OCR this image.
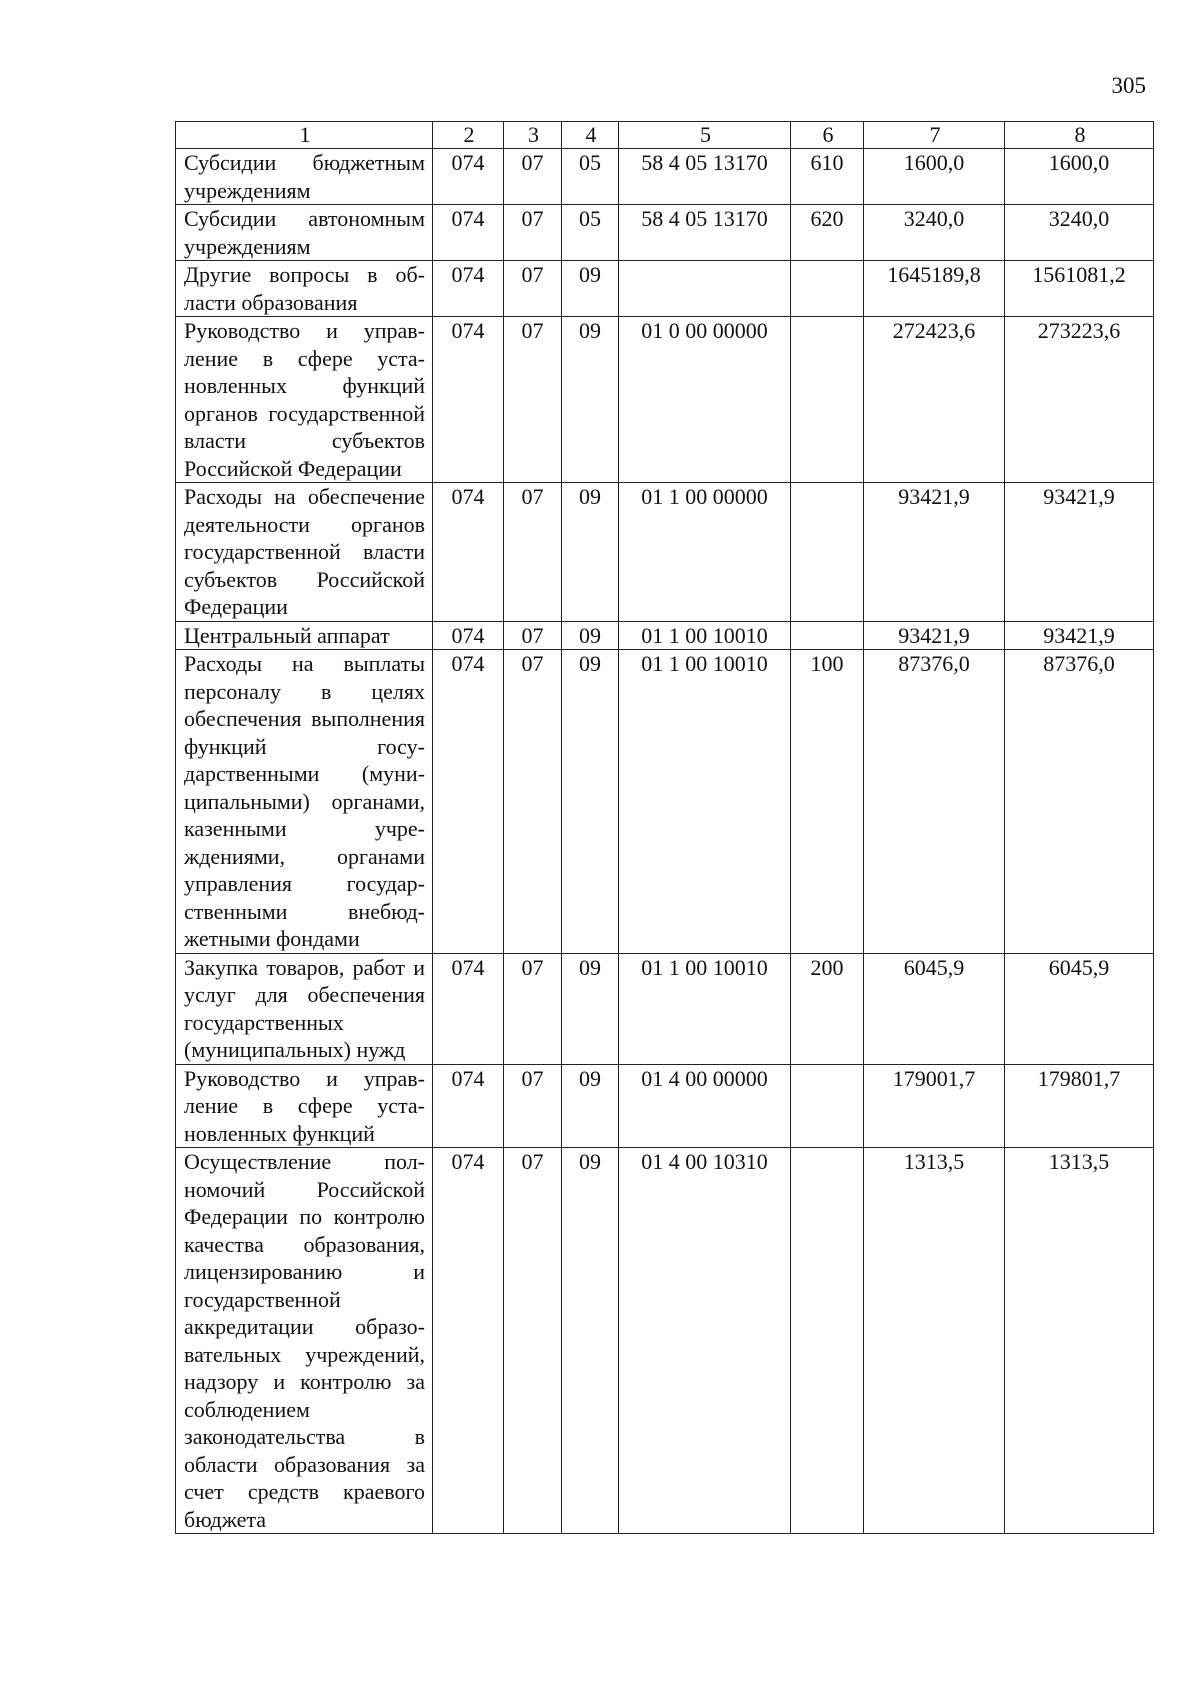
305
1	2	3	4	5	6	7	8
Субсидии бюджетным учреждениям	074	07	05	58 4 05 13170	610	1600,0	1600,0
Субсидии автономным учреждениям	074	07	05	58 4 05 13170	620	3240,0	3240,0
Другие вопросы в области образования	074	07	09			1645189,8	1561081,2
Руководство и управление в сфере установленных функций органов государственной власти субъектов Российской Федерации	074	07	09	01 0 00 00000		272423,6	273223,6
Расходы на обеспечение деятельности органов государственной власти субъектов Российской Федерации	074	07	09	01 1 00 00000		93421,9	93421,9
Центральный аппарат	074	07	09	01 1 00 10010		93421,9	93421,9
Расходы на выплаты персоналу в целях обеспечения выполнения функций государственными (муниципальными) органами, казенными учреждениями, органами управления государственными внебюджетными фондами	074	07	09	01 1 00 10010	100	87376,0	87376,0
Закупка товаров, работ и услуг для обеспечения государственных (муниципальных) нужд	074	07	09	01 1 00 10010	200	6045,9	6045,9
Руководство и управление в сфере установленных функций	074	07	09	01 4 00 00000		179001,7	179801,7
Осуществление полномочий Российской Федерации по контролю качества образования, лицензированию и государственной аккредитации образовательных учреждений, надзору и контролю за соблюдением законодательства в области образования за счет средств краевого бюджета	074	07	09	01 4 00 10310		1313,5	1313,5
